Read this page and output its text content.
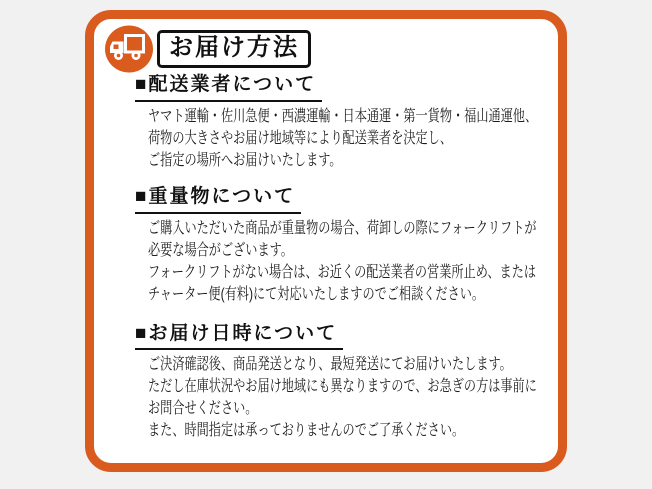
お届け方法
■配送業者について
ヤマト運輸・佐川急便・西濃運輸・日本通運・第一貨物・福山通運他、
荷物の大きさやお届け地域等により配送業者を決定し、
ご指定の場所へお届けいたします。
■重量物について
ご購入いただいた商品が重量物の場合、荷卸しの際にフォークリフトが
必要な場合がございます。
フォークリフトがない場合は、お近くの配送業者の営業所止め、または
チャーター便(有料)にて対応いたしますのでご相談ください。
■お届け日時について
ご決済確認後、商品発送となり、最短発送にてお届けいたします。
ただし在庫状況やお届け地域にも異なりますので、お急ぎの方は事前に
お問合せください。
また、時間指定は承っておりませんのでご了承ください。
